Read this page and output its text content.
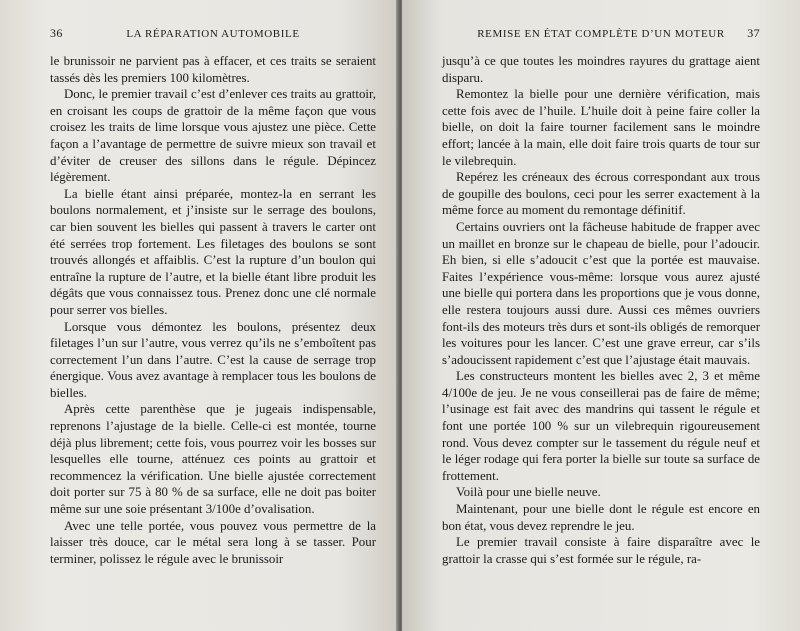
36	LA RÉPARATION AUTOMOBILE

le brunissoir ne parvient pas à effacer, et ces traits se seraient tassés dès les premiers 100 kilomètres.

Donc, le premier travail c’est d’enlever ces traits au grattoir, en croisant les coups de grattoir de la même façon que vous croisez les traits de lime lorsque vous ajustez une pièce. Cette façon a l’avantage de permettre de suivre mieux son travail et d’éviter de creuser des sillons dans le régule. Dépincez légèrement.

La bielle étant ainsi préparée, montez-la en serrant les boulons normalement, et j’insiste sur le serrage des boulons, car bien souvent les bielles qui passent à travers le carter ont été serrées trop fortement. Les filetages des boulons se sont trouvés allongés et affaiblis. C’est la rupture d’un boulon qui entraîne la rupture de l’autre, et la bielle étant libre produit les dégâts que vous connaissez tous. Prenez donc une clé normale pour serrer vos bielles.

Lorsque vous démontez les boulons, présentez deux filetages l’un sur l’autre, vous verrez qu’ils ne s’emboîtent pas correctement l’un dans l’autre. C’est la cause de serrage trop énergique. Vous avez avantage à remplacer tous les boulons de bielles.

Après cette parenthèse que je jugeais indispensable, reprenons l’ajustage de la bielle. Celle-ci est montée, tourne déjà plus librement; cette fois, vous pourrez voir les bosses sur lesquelles elle tourne, atténuez ces points au grattoir et recommencez la vérification. Une bielle ajustée correctement doit porter sur 75 à 80 % de sa surface, elle ne doit pas boiter même sur une soie présentant 3/100e d’ovalisation.

Avec une telle portée, vous pouvez vous permettre de la laisser très douce, car le métal sera long à se tasser. Pour terminer, polissez le régule avec le brunissoir

REMISE EN ÉTAT COMPLÈTE D’UN MOTEUR 37

jusqu’à ce que toutes les moindres rayures du grattage aient disparu.

Remontez la bielle pour une dernière vérification, mais cette fois avec de l’huile. L’huile doit à peine faire coller la bielle, on doit la faire tourner facilement sans le moindre effort; lancée à la main, elle doit faire trois quarts de tour sur le vilebrequin.

Repérez les créneaux des écrous correspondant aux trous de goupille des boulons, ceci pour les serrer exactement à la même force au moment du remontage définitif.

Certains ouvriers ont la fâcheuse habitude de frapper avec un maillet en bronze sur le chapeau de bielle, pour l’adoucir. Eh bien, si elle s’adoucit c’est que la portée est mauvaise. Faites l’expérience vous-même: lorsque vous aurez ajusté une bielle qui portera dans les proportions que je vous donne, elle restera toujours aussi dure. Aussi ces mêmes ouvriers font-ils des moteurs très durs et sont-ils obligés de remorquer les voitures pour les lancer. C’est une grave erreur, car s’ils s’adoucissent rapidement c’est que l’ajustage était mauvais.

Les constructeurs montent les bielles avec 2, 3 et même 4/100e de jeu. Je ne vous conseillerai pas de faire de même; l’usinage est fait avec des mandrins qui tassent le régule et font une portée 100 % sur un vilebrequin rigoureusement rond. Vous devez compter sur le tassement du régule neuf et le léger rodage qui fera porter la bielle sur toute sa surface de frottement.

Voilà pour une bielle neuve.

Maintenant, pour une bielle dont le régule est encore en bon état, vous devez reprendre le jeu.

Le premier travail consiste à faire disparaître avec le grattoir la crasse qui s’est formée sur le régule, ra-
